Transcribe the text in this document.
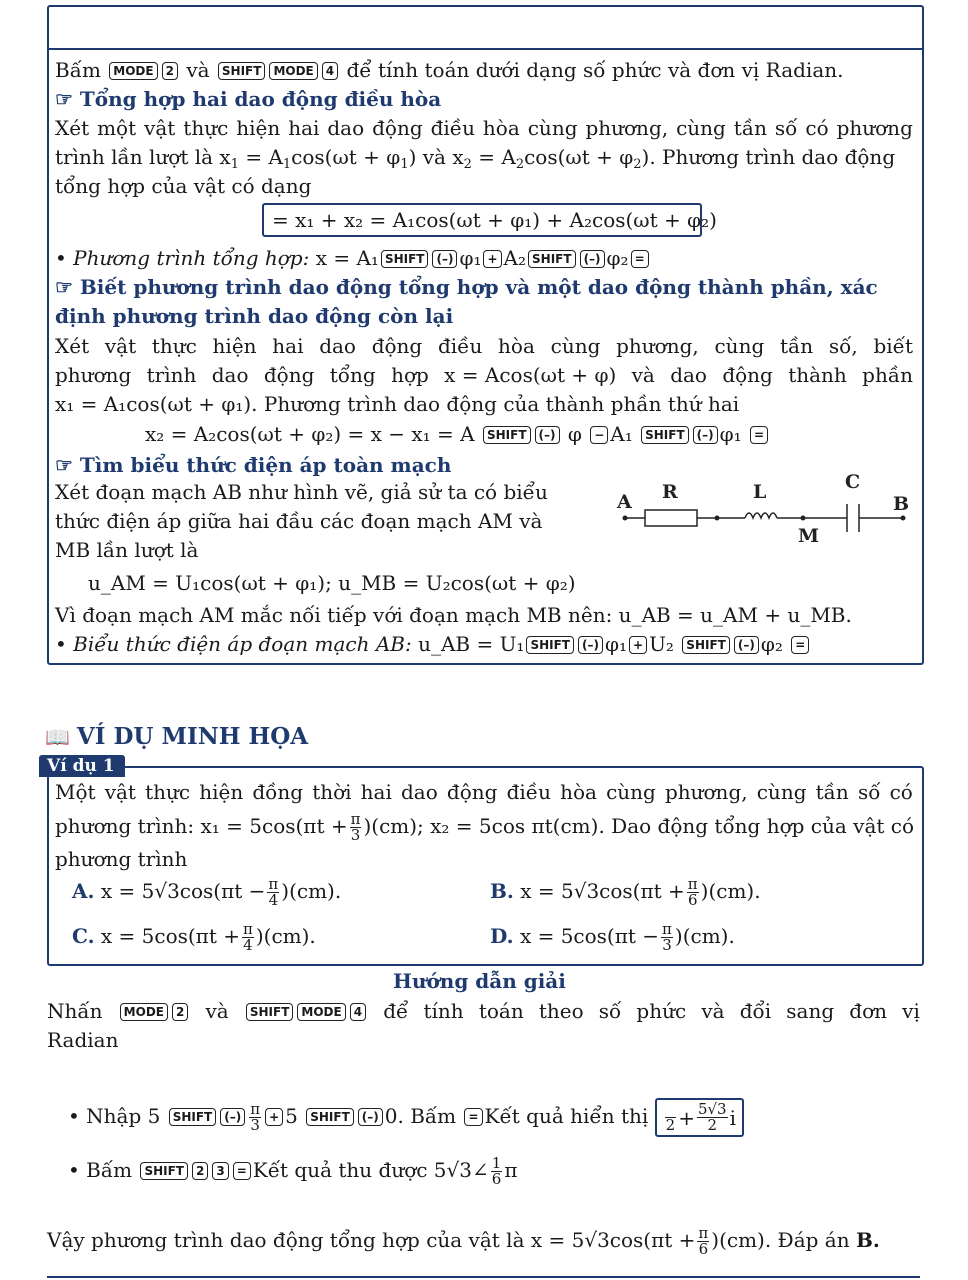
Bấm MODE 2 và SHIFT MODE 4 để tính toán dưới dạng số phức và đơn vị Radian.
☞ Tổng hợp hai dao động điều hòa
Xét một vật thực hiện hai dao động điều hòa cùng phương, cùng tần số có phương
trình lần lượt là $x_1 = A_1\cos(\omega t + \varphi_1)$ và $x_2 = A_2\cos(\omega t + \varphi_2)$. Phương trình dao động
tổng hợp của vật có dạng
= x₁ + x₂ = A₁cos(ωt + φ₁) + A₂cos(ωt + φ₂)
• Phương trình tổng hợp: x = A₁ SHIFT (–) φ₁ + A₂ SHIFT (–) φ₂ =
☞ Biết phương trình dao động tổng hợp và một dao động thành phần, xác
định phương trình dao động còn lại
Xét vật thực hiện hai dao động điều hòa cùng phương, cùng tần số, biết
phương trình dao động tổng hợp x = Acos(ωt + φ) và dao động thành phần
x₁ = A₁cos(ωt + φ₁). Phương trình dao động của thành phần thứ hai
x₂ = A₂cos(ωt + φ₂) = x − x₁ = A SHIFT (–) φ − A₁ SHIFT (–) φ₁ =
☞ Tìm biểu thức điện áp toàn mạch
Xét đoạn mạch AB như hình vẽ, giả sử ta có biểu
thức điện áp giữa hai đầu các đoạn mạch AM và
MB lần lượt là
A R	L	C
B
M
u_AM = U₁cos(ωt + φ₁); u_MB = U₂cos(ωt + φ₂)
Vì đoạn mạch AM mắc nối tiếp với đoạn mạch MB nên: u_AB = u_AM + u_MB.
• Biểu thức điện áp đoạn mạch AB: u_AB = U₁ SHIFT (–) φ₁ + U₂ SHIFT (–) φ₂ =
📖 VÍ DỤ MINH HỌA
Ví dụ 1
Một vật thực hiện đồng thời hai dao động điều hòa cùng phương, cùng tần số có
phương trình: $x_1 = 5\cos(\pi t + \frac{\pi}{3} )(cm)$; x₂ = 5cos πt(cm). Dao động tổng hợp của vật có
phương trình
A. $x = 5√3\cos(\pi t - \frac{\pi}{4} )(cm)$.	B. $x = 5√3\cos(\pi t + \frac{\pi}{6} )(cm)$.
C. $x = 5\cos(\pi t + \frac{\pi}{4} )(cm)$.	D. $x = 5\cos(\pi t - \frac{\pi}{3} )(cm)$.
Hướng dẫn giải
Nhấn	MODE 2	và	SHIFT MODE 4	để tính toán theo số phức và đổi sang đơn vị
Radian
• Nhập 5 SHIFT (–) $\frac{\pi}{3} + 5$ SHIFT (–) 0. Bấm = Kết quả hiển thị
$2 + \frac{5√3}{2}$ i
• Bấm SHIFT 2 3 = Kết quả thu được 5√3∠ $\frac{1}{6}$ π
Vậy phương trình dao động tổng hợp của vật là $x = 5√3\cos(\pi t + \frac{\pi}{6} )(cm)$. Đáp án B.
